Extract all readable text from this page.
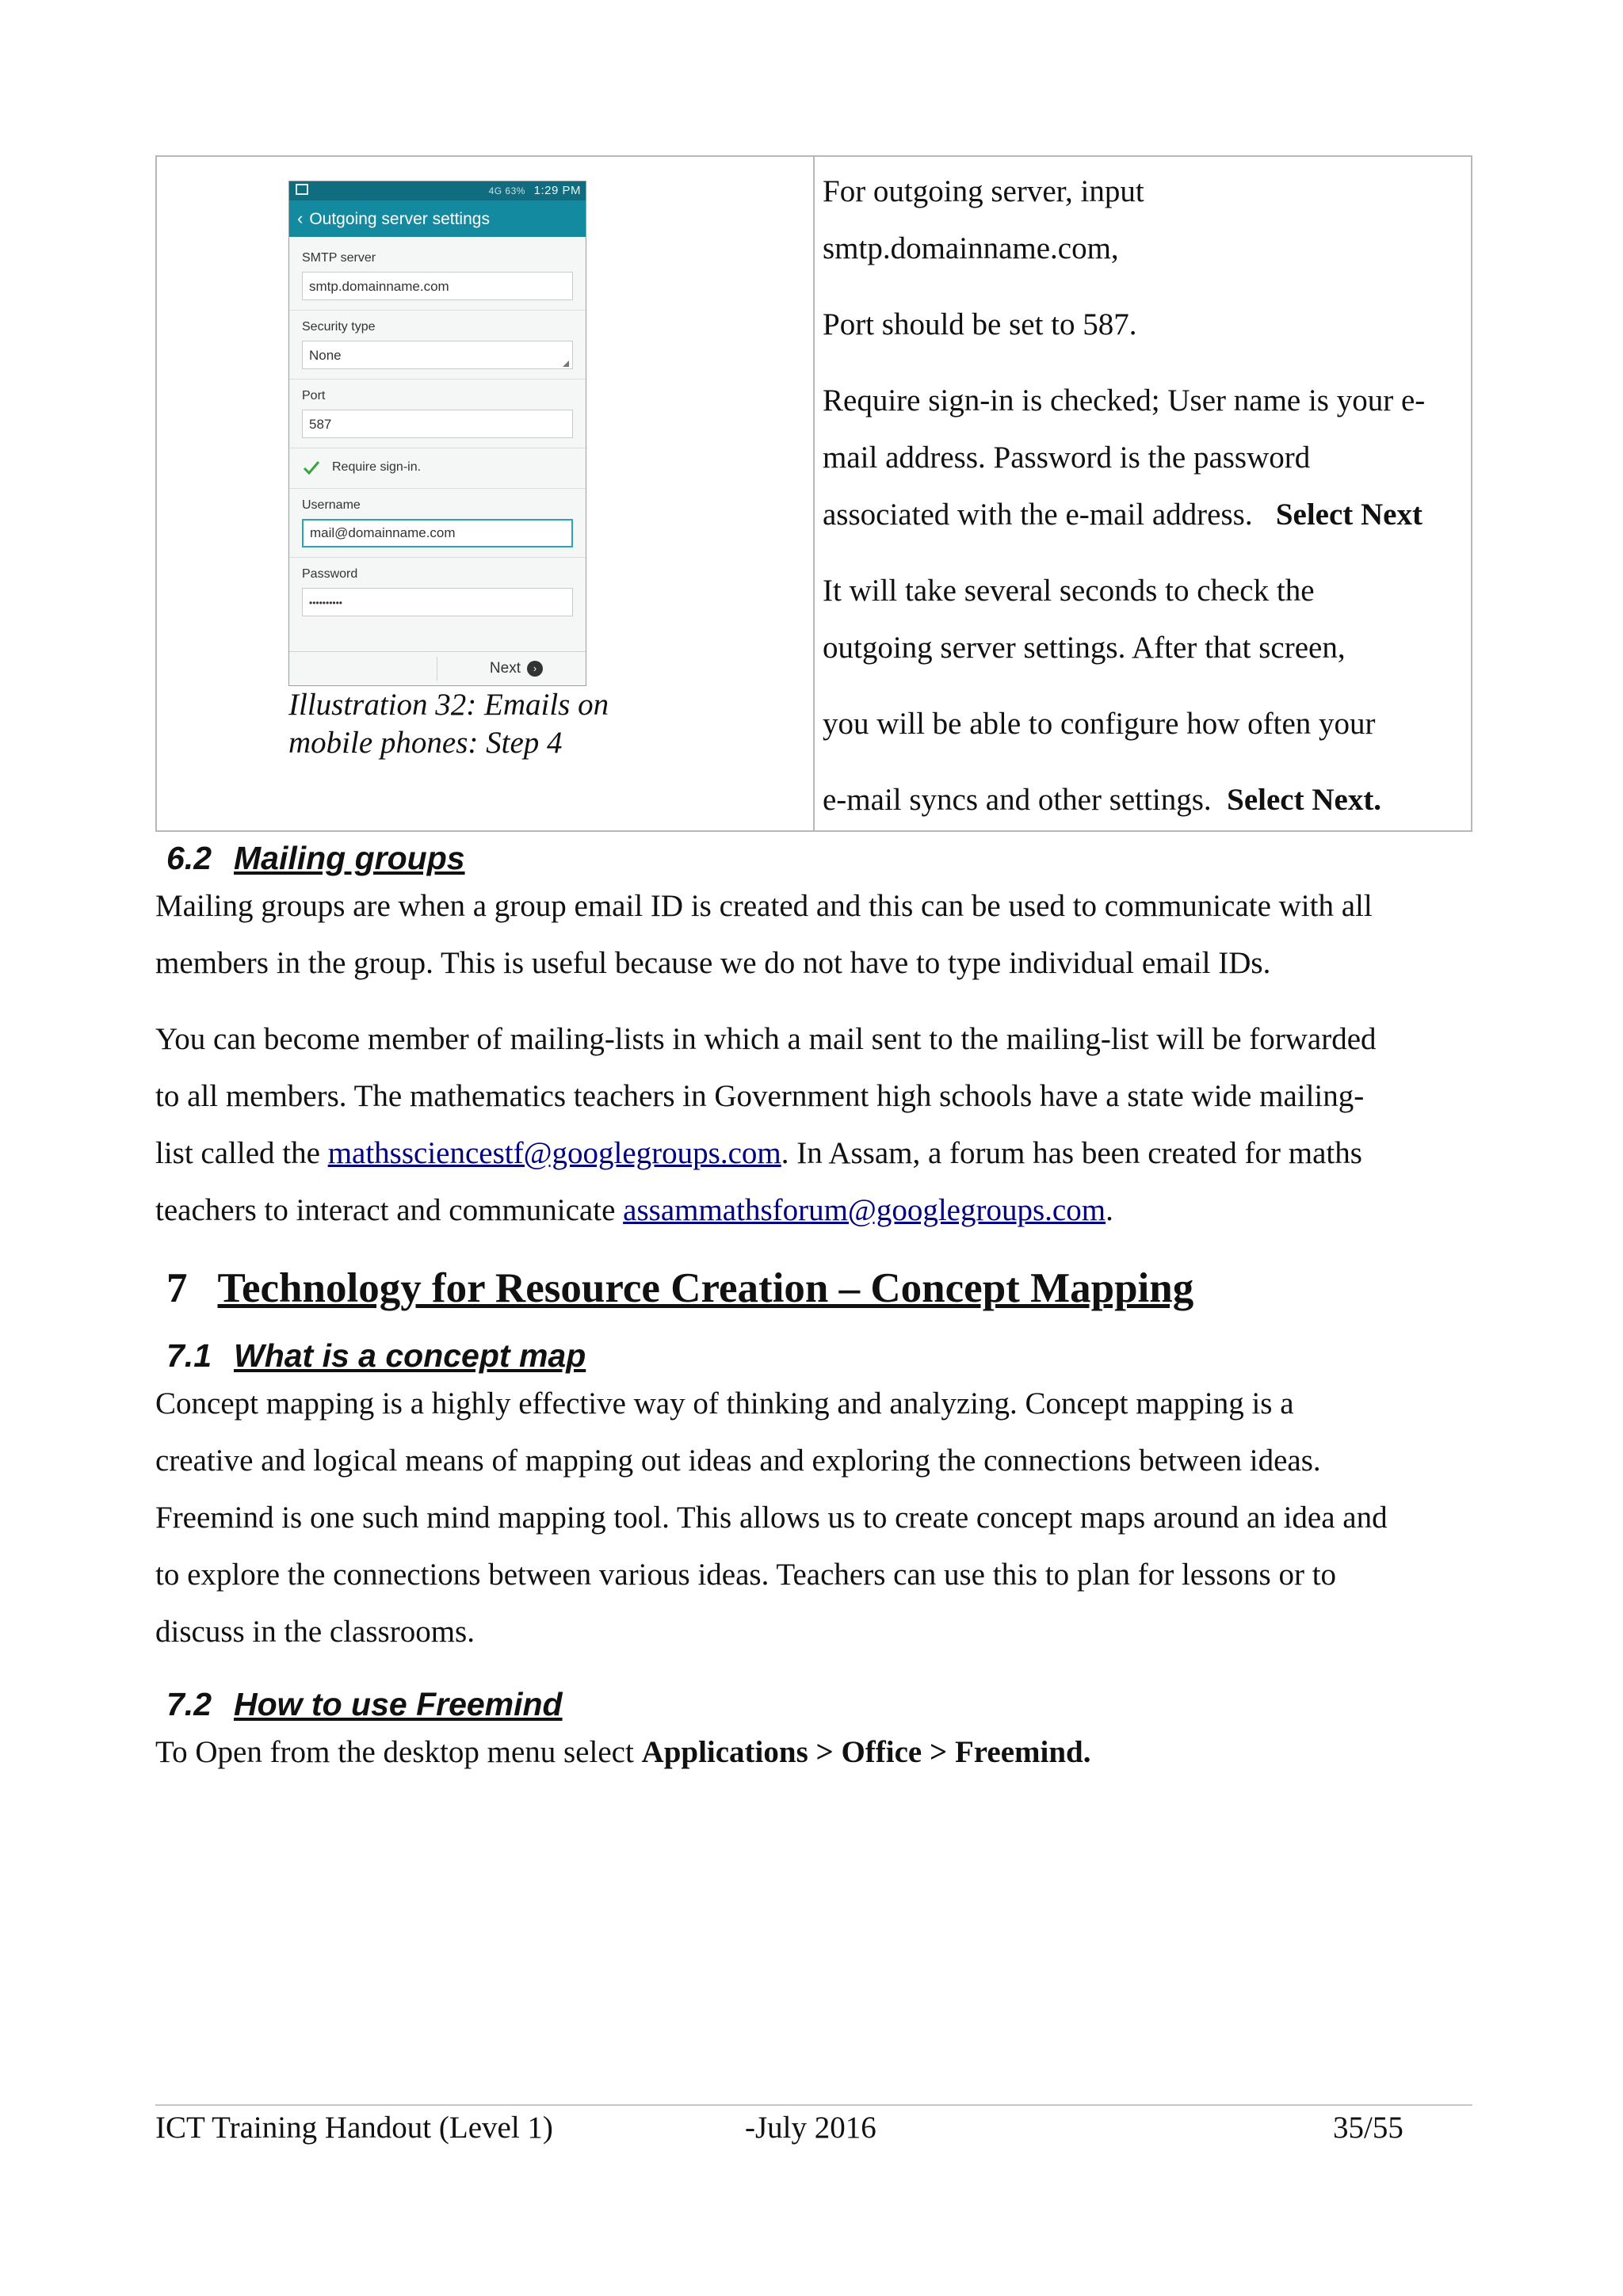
4G 63% 1:29 PM
‹ Outgoing server settings
SMTP server
smtp.domainname.com
Security type
None
Port
587
Require sign-in.
Username
mail@domainname.com
Password
••••••••••
Next ›
Illustration 32: Emails on mobile phones: Step 4

For outgoing server, input

smtp.domainname.com,

Port should be set to 587.

Require sign-in is checked; User name is your e-

mail address. Password is the password

associated with the e-mail address. Select Next

It will take several seconds to check the

outgoing server settings. After that screen,

you will be able to configure how often your

e-mail syncs and other settings. Select Next.

6.2 Mailing groups

Mailing groups are when a group email ID is created and this can be used to communicate with all
members in the group. This is useful because we do not have to type individual email IDs.

You can become member of mailing-lists in which a mail sent to the mailing-list will be forwarded
to all members. The mathematics teachers in Government high schools have a state wide mailing-
list called the mathssciencestf@googlegroups.com. In Assam, a forum has been created for maths
teachers to interact and communicate assammathsforum@googlegroups.com.

7 Technology for Resource Creation – Concept Mapping
7.1 What is a concept map

Concept mapping is a highly effective way of thinking and analyzing. Concept mapping is a
creative and logical means of mapping out ideas and exploring the connections between ideas.
Freemind is one such mind mapping tool. This allows us to create concept maps around an idea and
to explore the connections between various ideas. Teachers can use this to plan for lessons or to
discuss in the classrooms.

7.2 How to use Freemind

To Open from the desktop menu select Applications > Office > Freemind.

ICT Training Handout (Level 1)	-July 2016	35/55
